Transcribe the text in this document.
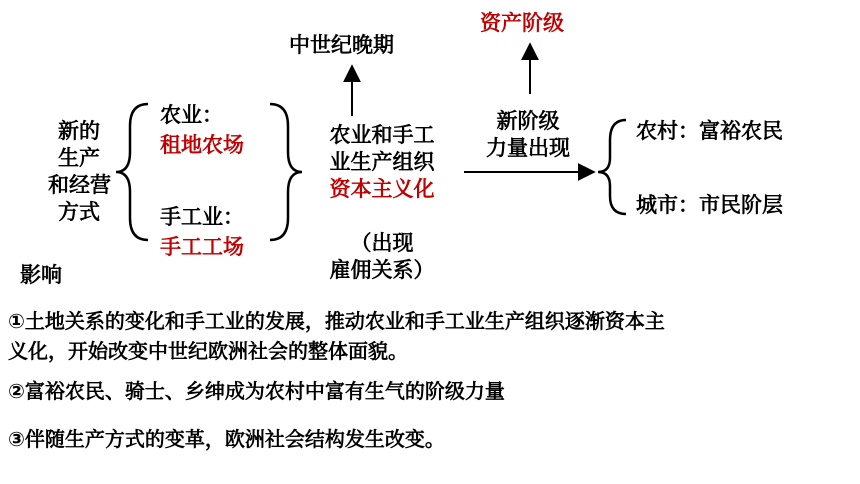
新的
生产
和经营
方式
影响
农业：
租地农场
手工业：
手工工场
中世纪晚期
农业和手工
业生产组织
资本主义化
（出现
雇佣关系）
资产阶级
新阶级
力量出现
农村：富裕农民
城市：市民阶层
①土地关系的变化和手工业的发展，推动农业和手工业生产组织逐渐资本主
义化，开始改变中世纪欧洲社会的整体面貌。
②富裕农民、骑士、乡绅成为农村中富有生气的阶级力量
③伴随生产方式的变革，欧洲社会结构发生改变。
